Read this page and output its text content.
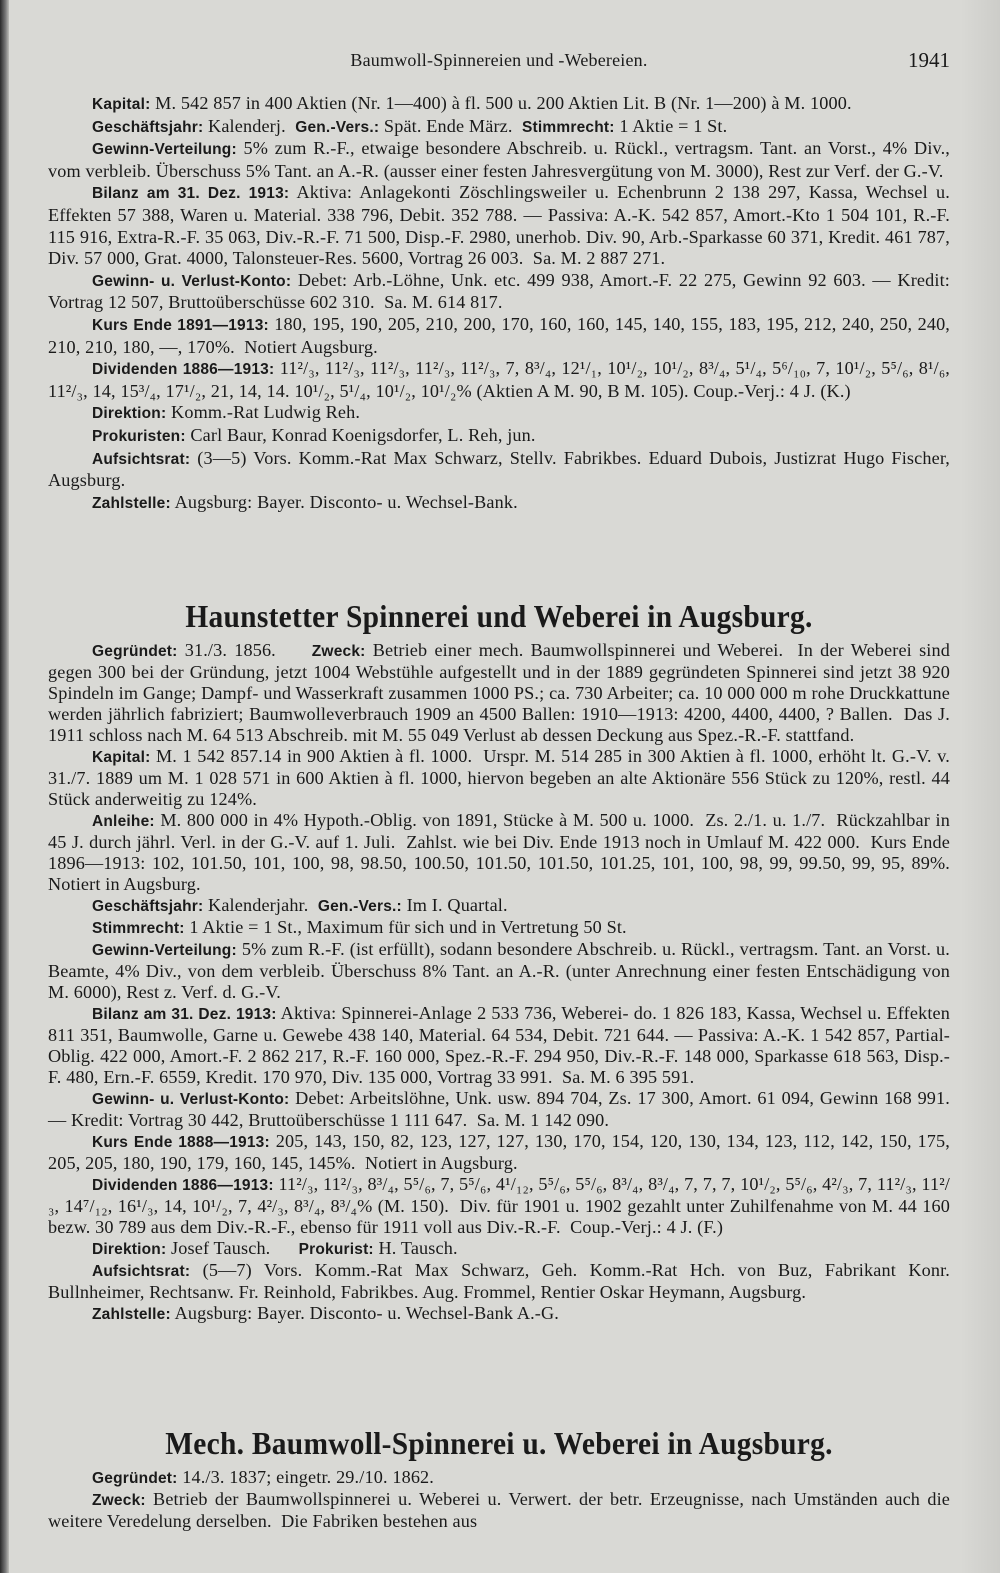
Baumwoll-Spinnereien und -Webereien.	1941

Kapital: M. 542 857 in 400 Aktien (Nr. 1—400) à fl. 500 u. 200 Aktien Lit. B (Nr. 1—200) à M. 1000.

Geschäftsjahr: Kalenderj.  Gen.-Vers.: Spät. Ende März.  Stimmrecht: 1 Aktie = 1 St.

Gewinn-Verteilung: 5% zum R.-F., etwaige besondere Abschreib. u. Rückl., vertragsm. Tant. an Vorst., 4% Div., vom verbleib. Überschuss 5% Tant. an A.-R. (ausser einer festen Jahresvergütung von M. 3000), Rest zur Verf. der G.-V.

Bilanz am 31. Dez. 1913: Aktiva: Anlagekonti Zöschlingsweiler u. Echenbrunn 2 138 297, Kassa, Wechsel u. Effekten 57 388, Waren u. Material. 338 796, Debit. 352 788. — Passiva: A.-K. 542 857, Amort.-Kto 1 504 101, R.-F. 115 916, Extra-R.-F. 35 063, Div.-R.-F. 71 500, Disp.-F. 2980, unerhob. Div. 90, Arb.-Sparkasse 60 371, Kredit. 461 787, Div. 57 000, Grat. 4000, Talonsteuer-Res. 5600, Vortrag 26 003.  Sa. M. 2 887 271.

Gewinn- u. Verlust-Konto: Debet: Arb.-Löhne, Unk. etc. 499 938, Amort.-F. 22 275, Gewinn 92 603. — Kredit: Vortrag 12 507, Bruttoüberschüsse 602 310.  Sa. M. 614 817.

Kurs Ende 1891—1913: 180, 195, 190, 205, 210, 200, 170, 160, 160, 145, 140, 155, 183, 195, 212, 240, 250, 240, 210, 210, 180, —, 170%.  Notiert Augsburg.

Dividenden 1886—1913: 11²/₃, 11²/₃, 11²/₃, 11²/₃, 11²/₃, 7, 8³/₄, 12¹/₁, 10¹/₂, 10¹/₂, 8³/₄, 5¹/₄, 5⁶/₁₀, 7, 10¹/₂, 5⁵/₆, 8¹/₆, 11²/₃, 14, 15³/₄, 17¹/₂, 21, 14, 14. 10¹/₂, 5¹/₄, 10¹/₂, 10¹/₂% (Aktien A M. 90, B M. 105). Coup.-Verj.: 4 J. (K.)

Direktion: Komm.-Rat Ludwig Reh.

Prokuristen: Carl Baur, Konrad Koenigsdorfer, L. Reh, jun.

Aufsichtsrat: (3—5) Vors. Komm.-Rat Max Schwarz, Stellv. Fabrikbes. Eduard Dubois, Justizrat Hugo Fischer, Augsburg.

Zahlstelle: Augsburg: Bayer. Disconto- u. Wechsel-Bank.

Haunstetter Spinnerei und Weberei in Augsburg.

Gegründet: 31./3. 1856.     Zweck: Betrieb einer mech. Baumwollspinnerei und Weberei.  In der Weberei sind gegen 300 bei der Gründung, jetzt 1004 Webstühle aufgestellt und in der 1889 gegründeten Spinnerei sind jetzt 38 920 Spindeln im Gange; Dampf- und Wasserkraft zusammen 1000 PS.; ca. 730 Arbeiter; ca. 10 000 000 m rohe Druckkattune werden jährlich fabriziert; Baumwolleverbrauch 1909 an 4500 Ballen: 1910—1913: 4200, 4400, 4400, ? Ballen.  Das J. 1911 schloss nach M. 64 513 Abschreib. mit M. 55 049 Verlust ab dessen Deckung aus Spez.-R.-F. stattfand.

Kapital: M. 1 542 857.14 in 900 Aktien à fl. 1000.  Urspr. M. 514 285 in 300 Aktien à fl. 1000, erhöht lt. G.-V. v. 31./7. 1889 um M. 1 028 571 in 600 Aktien à fl. 1000, hiervon begeben an alte Aktionäre 556 Stück zu 120%, restl. 44 Stück anderweitig zu 124%.

Anleihe: M. 800 000 in 4% Hypoth.-Oblig. von 1891, Stücke à M. 500 u. 1000.  Zs. 2./1. u. 1./7.  Rückzahlbar in 45 J. durch jährl. Verl. in der G.-V. auf 1. Juli.  Zahlst. wie bei Div. Ende 1913 noch in Umlauf M. 422 000.  Kurs Ende 1896—1913: 102, 101.50, 101, 100, 98, 98.50, 100.50, 101.50, 101.50, 101.25, 101, 100, 98, 99, 99.50, 99, 95, 89%.  Notiert in Augsburg.

Geschäftsjahr: Kalenderjahr.  Gen.-Vers.: Im I. Quartal.

Stimmrecht: 1 Aktie = 1 St., Maximum für sich und in Vertretung 50 St.

Gewinn-Verteilung: 5% zum R.-F. (ist erfüllt), sodann besondere Abschreib. u. Rückl., vertragsm. Tant. an Vorst. u. Beamte, 4% Div., von dem verbleib. Überschuss 8% Tant. an A.-R. (unter Anrechnung einer festen Entschädigung von M. 6000), Rest z. Verf. d. G.-V.

Bilanz am 31. Dez. 1913: Aktiva: Spinnerei-Anlage 2 533 736, Weberei- do. 1 826 183, Kassa, Wechsel u. Effekten 811 351, Baumwolle, Garne u. Gewebe 438 140, Material. 64 534, Debit. 721 644. — Passiva: A.-K. 1 542 857, Partial-Oblig. 422 000, Amort.-F. 2 862 217, R.-F. 160 000, Spez.-R.-F. 294 950, Div.-R.-F. 148 000, Sparkasse 618 563, Disp.-F. 480, Ern.-F. 6559, Kredit. 170 970, Div. 135 000, Vortrag 33 991.  Sa. M. 6 395 591.

Gewinn- u. Verlust-Konto: Debet: Arbeitslöhne, Unk. usw. 894 704, Zs. 17 300, Amort. 61 094, Gewinn 168 991. — Kredit: Vortrag 30 442, Bruttoüberschüsse 1 111 647.  Sa. M. 1 142 090.

Kurs Ende 1888—1913: 205, 143, 150, 82, 123, 127, 127, 130, 170, 154, 120, 130, 134, 123, 112, 142, 150, 175, 205, 205, 180, 190, 179, 160, 145, 145%.  Notiert in Augsburg.

Dividenden 1886—1913: 11²/₃, 11²/₃, 8³/₄, 5⁵/₆, 7, 5⁵/₆, 4¹/₁₂, 5⁵/₆, 5⁵/₆, 8³/₄, 8³/₄, 7, 7, 7, 10¹/₂, 5⁵/₆, 4²/₃, 7, 11²/₃, 11²/₃, 14⁷/₁₂, 16¹/₃, 14, 10¹/₂, 7, 4²/₃, 8³/₄, 8³/₄% (M. 150).  Div. für 1901 u. 1902 gezahlt unter Zuhilfenahme von M. 44 160 bezw. 30 789 aus dem Div.-R.-F., ebenso für 1911 voll aus Div.-R.-F.  Coup.-Verj.: 4 J. (F.)

Direktion: Josef Tausch.      Prokurist: H. Tausch.

Aufsichtsrat: (5—7) Vors. Komm.-Rat Max Schwarz, Geh. Komm.-Rat Hch. von Buz, Fabrikant Konr. Bullnheimer, Rechtsanw. Fr. Reinhold, Fabrikbes. Aug. Frommel, Rentier Oskar Heymann, Augsburg.

Zahlstelle: Augsburg: Bayer. Disconto- u. Wechsel-Bank A.-G.

Mech. Baumwoll-Spinnerei u. Weberei in Augsburg.

Gegründet: 14./3. 1837; eingetr. 29./10. 1862.

Zweck: Betrieb der Baumwollspinnerei u. Weberei u. Verwert. der betr. Erzeugnisse, nach Umständen auch die weitere Veredelung derselben.  Die Fabriken bestehen aus
